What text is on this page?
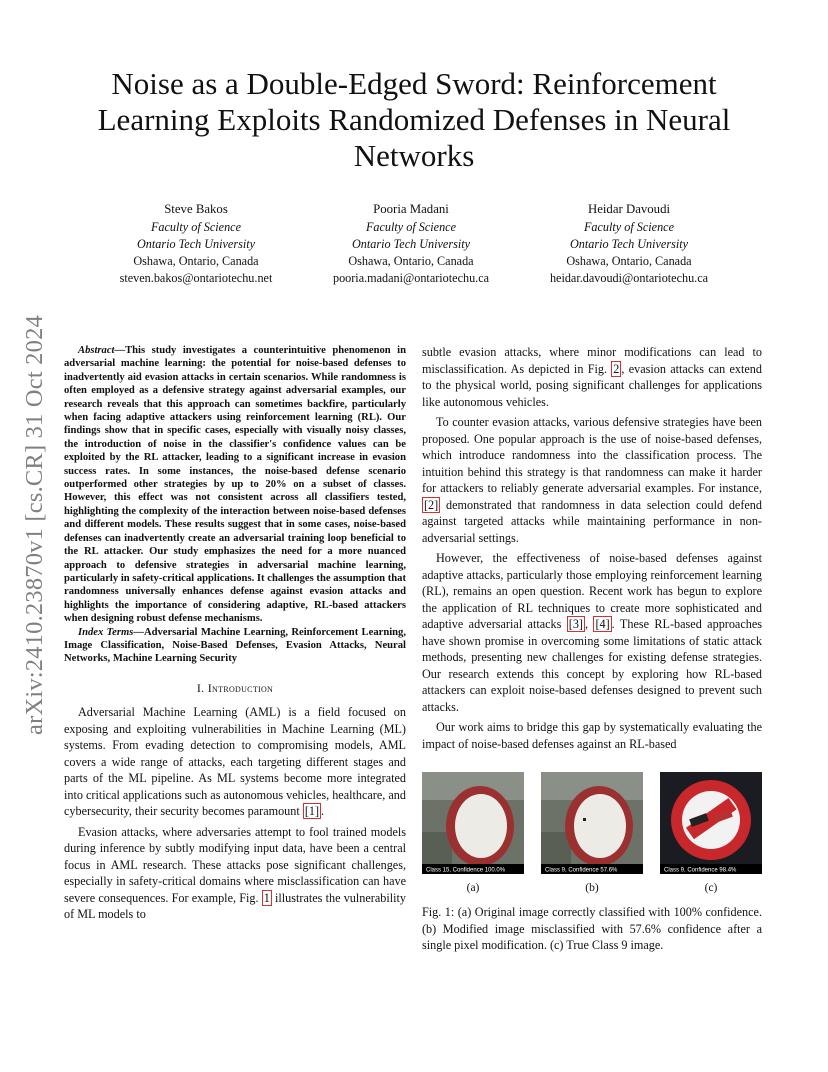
arXiv:2410.23870v1 [cs.CR] 31 Oct 2024
Noise as a Double-Edged Sword: Reinforcement Learning Exploits Randomized Defenses in Neural Networks
Steve Bakos
Faculty of Science
Ontario Tech University
Oshawa, Ontario, Canada
steven.bakos@ontariotechu.net
Pooria Madani
Faculty of Science
Ontario Tech University
Oshawa, Ontario, Canada
pooria.madani@ontariotechu.ca
Heidar Davoudi
Faculty of Science
Ontario Tech University
Oshawa, Ontario, Canada
heidar.davoudi@ontariotechu.ca

Abstract—This study investigates a counterintuitive phenomenon in adversarial machine learning: the potential for noise-based defenses to inadvertently aid evasion attacks in certain scenarios. While randomness is often employed as a defensive strategy against adversarial examples, our research reveals that this approach can sometimes backfire, particularly when facing adaptive attackers using reinforcement learning (RL). Our findings show that in specific cases, especially with visually noisy classes, the introduction of noise in the classifier's confidence values can be exploited by the RL attacker, leading to a significant increase in evasion success rates. In some instances, the noise-based defense scenario outperformed other strategies by up to 20% on a subset of classes. However, this effect was not consistent across all classifiers tested, highlighting the complexity of the interaction between noise-based defenses and different models. These results suggest that in some cases, noise-based defenses can inadvertently create an adversarial training loop beneficial to the RL attacker. Our study emphasizes the need for a more nuanced approach to defensive strategies in adversarial machine learning, particularly in safety-critical applications. It challenges the assumption that randomness universally enhances defense against evasion attacks and highlights the importance of considering adaptive, RL-based attackers when designing robust defense mechanisms.

Index Terms—Adversarial Machine Learning, Reinforcement Learning, Image Classification, Noise-Based Defenses, Evasion Attacks, Neural Networks, Machine Learning Security

I. Introduction

Adversarial Machine Learning (AML) is a field focused on exposing and exploiting vulnerabilities in Machine Learning (ML) systems. From evading detection to compromising models, AML covers a wide range of attacks, each targeting different stages and parts of the ML pipeline. As ML systems become more integrated into critical applications such as autonomous vehicles, healthcare, and cybersecurity, their security becomes paramount [1] .

Evasion attacks, where adversaries attempt to fool trained models during inference by subtly modifying input data, have been a central focus in AML research. These attacks pose significant challenges, especially in safety-critical domains where misclassification can have severe consequences. For example, Fig. 1 illustrates the vulnerability of ML models to

subtle evasion attacks, where minor modifications can lead to misclassification. As depicted in Fig. 2 , evasion attacks can extend to the physical world, posing significant challenges for applications like autonomous vehicles.

To counter evasion attacks, various defensive strategies have been proposed. One popular approach is the use of noise-based defenses, which introduce randomness into the classification process. The intuition behind this strategy is that randomness can make it harder for attackers to reliably generate adversarial examples. For instance, [2] demonstrated that randomness in data selection could defend against targeted attacks while maintaining performance in non-adversarial settings.

However, the effectiveness of noise-based defenses against adaptive attacks, particularly those employing reinforcement learning (RL), remains an open question. Recent work has begun to explore the application of RL techniques to create more sophisticated and adaptive adversarial attacks [3] , [4] . These RL-based approaches have shown promise in overcoming some limitations of static attack methods, presenting new challenges for existing defense strategies. Our research extends this concept by exploring how RL-based attackers can exploit noise-based defenses designed to prevent such attacks.

Our work aims to bridge this gap by systematically evaluating the impact of noise-based defenses against an RL-based

Class 15, Confidence 100.0%
(a)
Class 9, Confidence 57.6%
(b)
Class 9, Confidence 98.4%
(c)
Fig. 1: (a) Original image correctly classified with 100% confidence. (b) Modified image misclassified with 57.6% confidence after a single pixel modification. (c) True Class 9 image.
